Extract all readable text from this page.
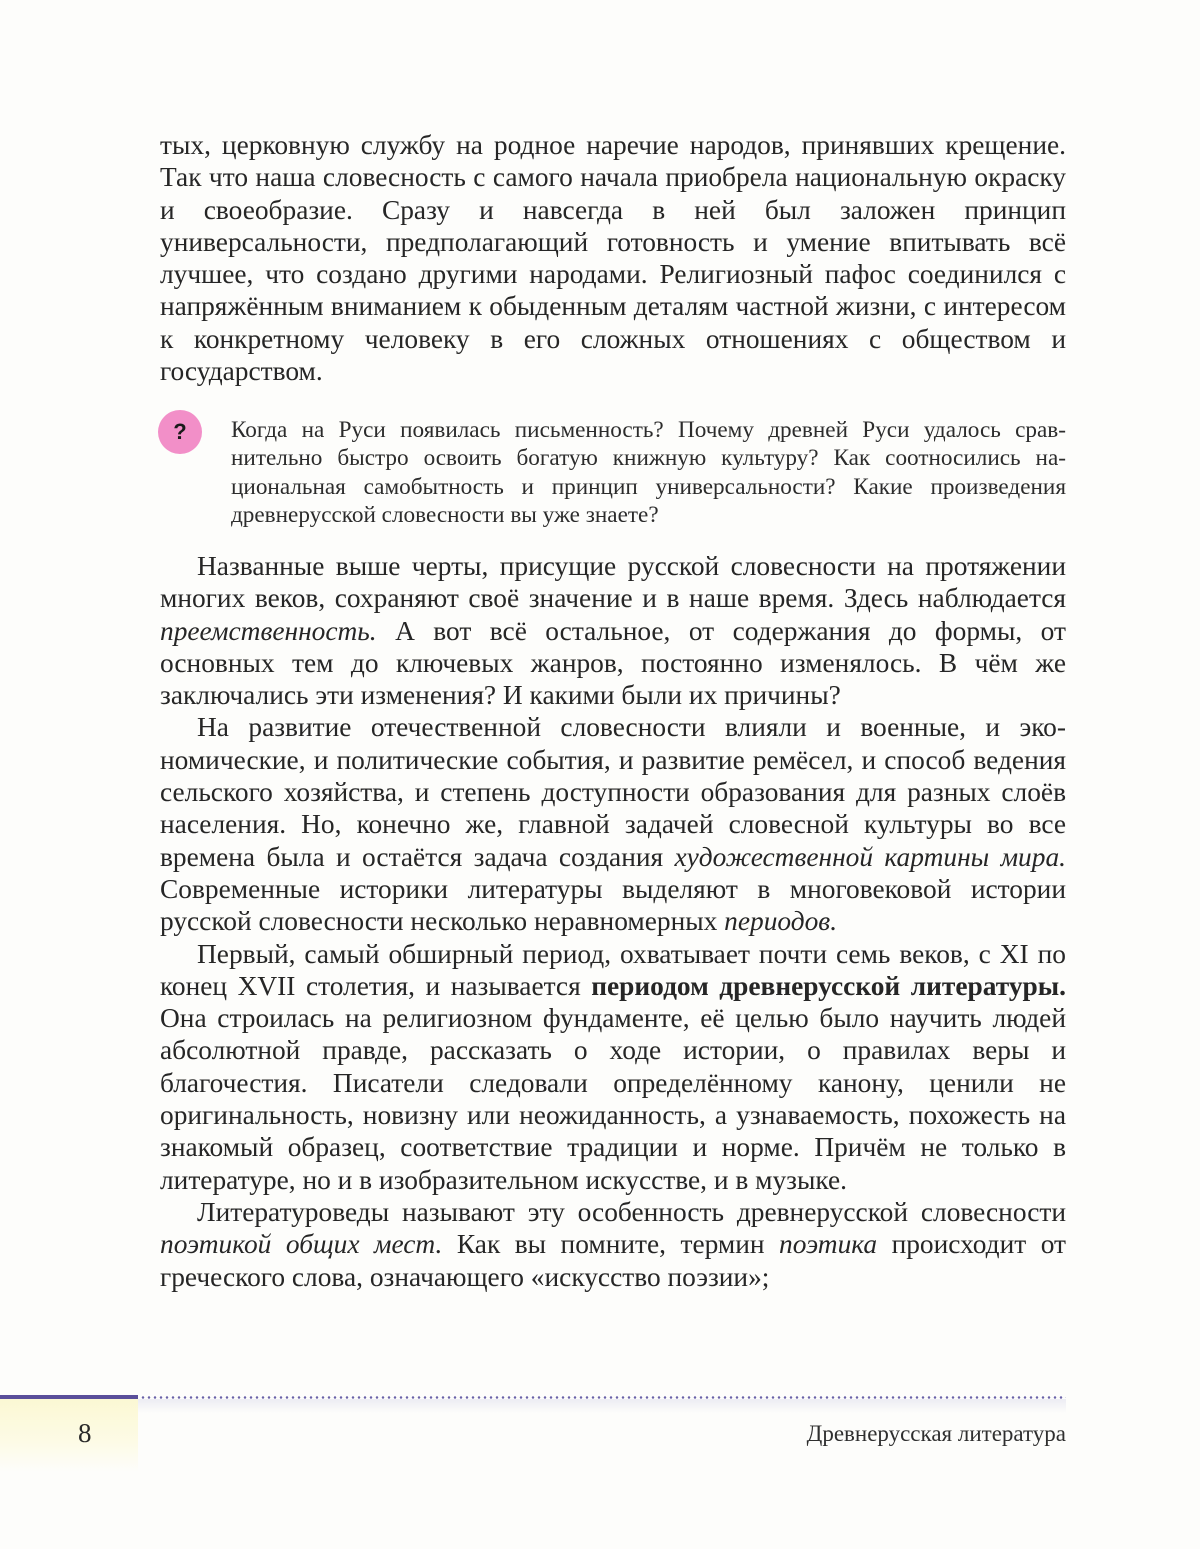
тых, церковную службу на родное наречие народов, принявших крещение. Так что наша словесность с самого начала приобрела национальную окраску и своеобразие. Сразу и навсегда в ней был заложен принцип универсальности, предполагающий готовность и умение впитывать всё лучшее, что создано другими народами. Религиозный пафос соединился с напряжённым вниманием к обыденным деталям частной жизни, с интересом к конкретному человеку в его сложных отношениях с обществом и государством.

? Когда на Руси появилась письменность? Почему древней Руси удалось сравнительно быстро освоить богатую книжную культуру? Как соотносились национальная самобытность и принцип универсальности? Какие произведения древнерусской словесности вы уже знаете?

Названные выше черты, присущие русской словесности на протяжении многих веков, сохраняют своё значение и в наше время. Здесь наблюдается преемственность. А вот всё остальное, от содержания до формы, от основных тем до ключевых жанров, постоянно изменялось. В чём же заключались эти изменения? И какими были их причины?

На развитие отечественной словесности влияли и военные, и экономические, и политические события, и развитие ремёсел, и способ ведения сельского хозяйства, и степень доступности образования для разных слоёв населения. Но, конечно же, главной задачей словесной культуры во все времена была и остаётся задача создания художественной картины мира. Современные историки литературы выделяют в многовековой истории русской словесности несколько неравномерных периодов.

Первый, самый обширный период, охватывает почти семь веков, с XI по конец XVII столетия, и называется периодом древнерусской литературы. Она строилась на религиозном фундаменте, её целью было научить людей абсолютной правде, рассказать о ходе истории, о правилах веры и благочестия. Писатели следовали определённому канону, ценили не оригинальность, новизну или неожиданность, а узнаваемость, похожесть на знакомый образец, соответствие традиции и норме. Причём не только в литературе, но и в изобразительном искусстве, и в музыке.

Литературоведы называют эту особенность древнерусской словесности поэтикой общих мест. Как вы помните, термин поэтика происходит от греческого слова, означающего «искусство поэзии»;

8	Древнерусская литература
